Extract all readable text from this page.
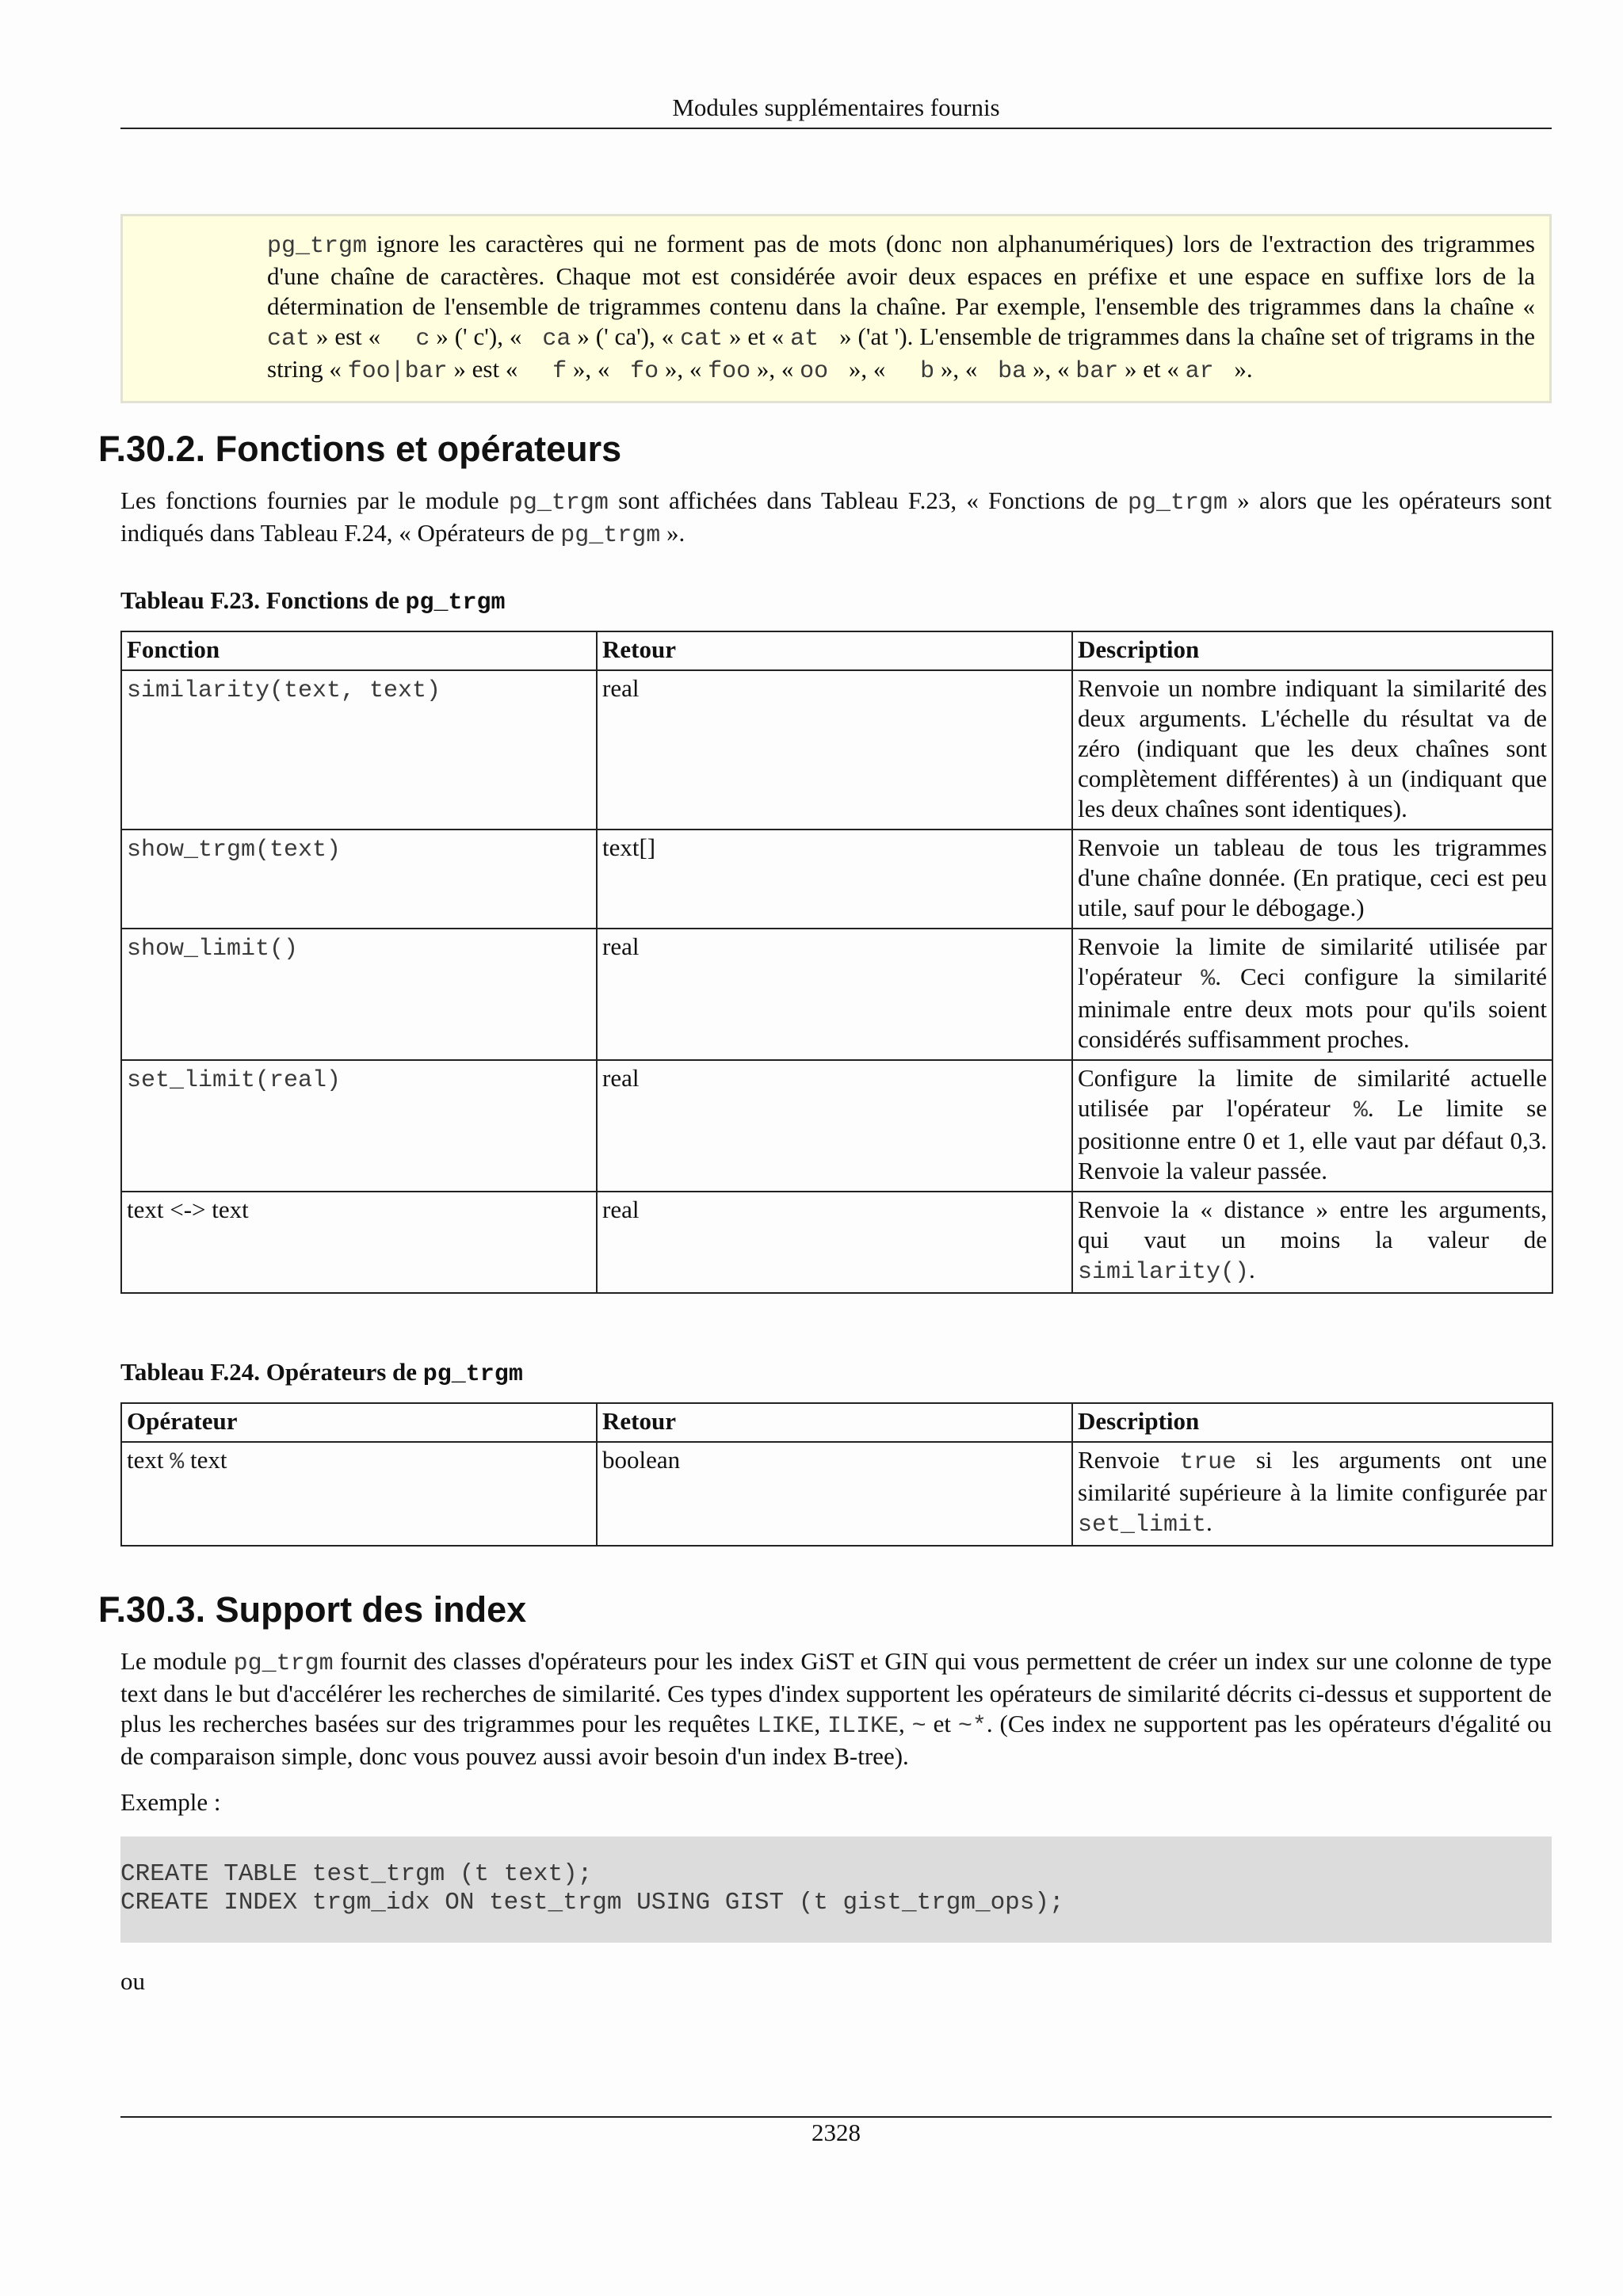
Modules supplémentaires fournis
pg_trgm ignore les caractères qui ne forment pas de mots (donc non alphanumériques) lors de l'extraction des trigrammes d'une chaîne de caractères. Chaque mot est considérée avoir deux espaces en préfixe et une espace en suffixe lors de la détermination de l'ensemble de trigrammes contenu dans la chaîne. Par exemple, l'ensemble des trigrammes dans la chaîne « cat » est «   c » (' c'), «  ca » (' ca'), « cat » et « at  » ('at '). L'ensemble de trigrammes dans la chaîne set of trigrams in the string « foo|bar » est «   f », «  fo », « foo », « oo  », «   b », «  ba », « bar » et « ar  ».
F.30.2. Fonctions et opérateurs

Les fonctions fournies par le module pg_trgm sont affichées dans Tableau F.23, « Fonctions de pg_trgm » alors que les opérateurs sont indiqués dans Tableau F.24, « Opérateurs de pg_trgm ».

Tableau F.23. Fonctions de pg_trgm
Fonction	Retour	Description
similarity(text, text)	real	Renvoie un nombre indiquant la similarité des deux arguments. L'échelle du résultat va de zéro (indiquant que les deux chaînes sont complètement différentes) à un (indiquant que les deux chaînes sont identiques).
show_trgm(text)	text[]	Renvoie un tableau de tous les trigrammes d'une chaîne donnée. (En pratique, ceci est peu utile, sauf pour le débogage.)
show_limit()	real	Renvoie la limite de similarité utilisée par l'opérateur %. Ceci configure la similarité minimale entre deux mots pour qu'ils soient considérés suffisamment proches.
set_limit(real)	real	Configure la limite de similarité actuelle utilisée par l'opérateur %. Le limite se positionne entre 0 et 1, elle vaut par défaut 0,3. Renvoie la valeur passée.
text <-> text	real	Renvoie la « distance » entre les arguments, qui vaut un moins la valeur de similarity().
Tableau F.24. Opérateurs de pg_trgm
Opérateur	Retour	Description
text % text	boolean	Renvoie true si les arguments ont une similarité supérieure à la limite configurée par set_limit.
F.30.3. Support des index

Le module pg_trgm fournit des classes d'opérateurs pour les index GiST et GIN qui vous permettent de créer un index sur une colonne de type text dans le but d'accélérer les recherches de similarité. Ces types d'index supportent les opérateurs de similarité décrits ci-dessus et supportent de plus les recherches basées sur des trigrammes pour les requêtes LIKE, ILIKE, ~ et ~*. (Ces index ne supportent pas les opérateurs d'égalité ou de comparaison simple, donc vous pouvez aussi avoir besoin d'un index B-tree).

Exemple :

CREATE TABLE test_trgm (t text);
CREATE INDEX trgm_idx ON test_trgm USING GIST (t gist_trgm_ops);

ou

2328
